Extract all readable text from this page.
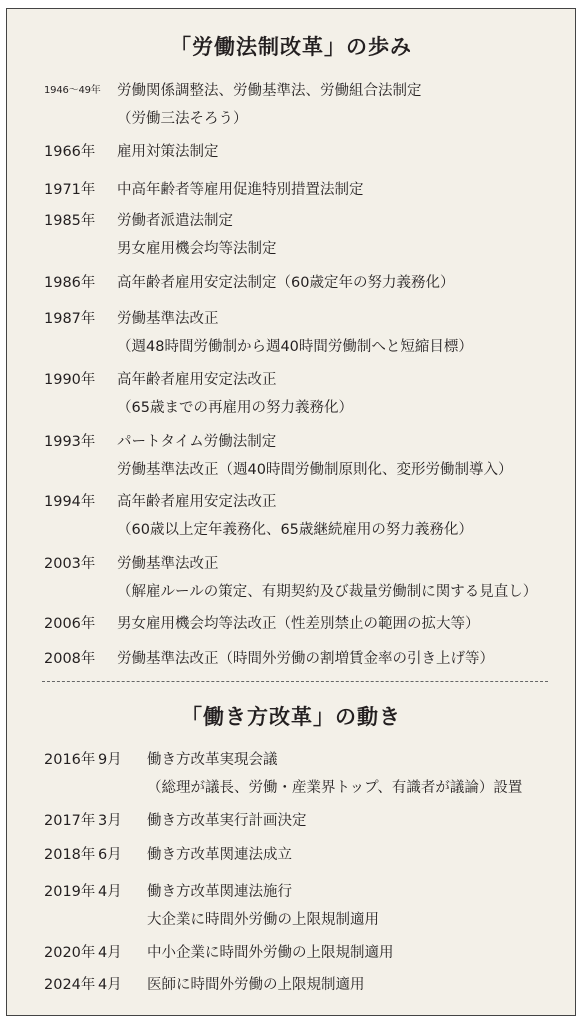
「労働法制改革」の歩み
1946〜49年 労働関係調整法、労働基準法、労働組合法制定
（労働三法そろう）
1966年 雇用対策法制定
1971年 中高年齢者等雇用促進特別措置法制定
1985年 労働者派遣法制定
男女雇用機会均等法制定
1986年 高年齢者雇用安定法制定（60歳定年の努力義務化）
1987年 労働基準法改正
（週48時間労働制から週40時間労働制へと短縮目標）
1990年 高年齢者雇用安定法改正
（65歳までの再雇用の努力義務化）
1993年 パートタイム労働法制定
労働基準法改正（週40時間労働制原則化、変形労働制導入）
1994年 高年齢者雇用安定法改正
（60歳以上定年義務化、65歳継続雇用の努力義務化）
2003年 労働基準法改正
（解雇ルールの策定、有期契約及び裁量労働制に関する見直し）
2006年 男女雇用機会均等法改正（性差別禁止の範囲の拡大等）
2008年 労働基準法改正（時間外労働の割増賃金率の引き上げ等）
「働き方改革」の動き
2016年 9月 働き方改革実現会議
（総理が議長、労働・産業界トップ、有識者が議論）設置
2017年 3月 働き方改革実行計画決定
2018年 6月 働き方改革関連法成立
2019年 4月 働き方改革関連法施行
大企業に時間外労働の上限規制適用
2020年 4月 中小企業に時間外労働の上限規制適用
2024年 4月 医師に時間外労働の上限規制適用
